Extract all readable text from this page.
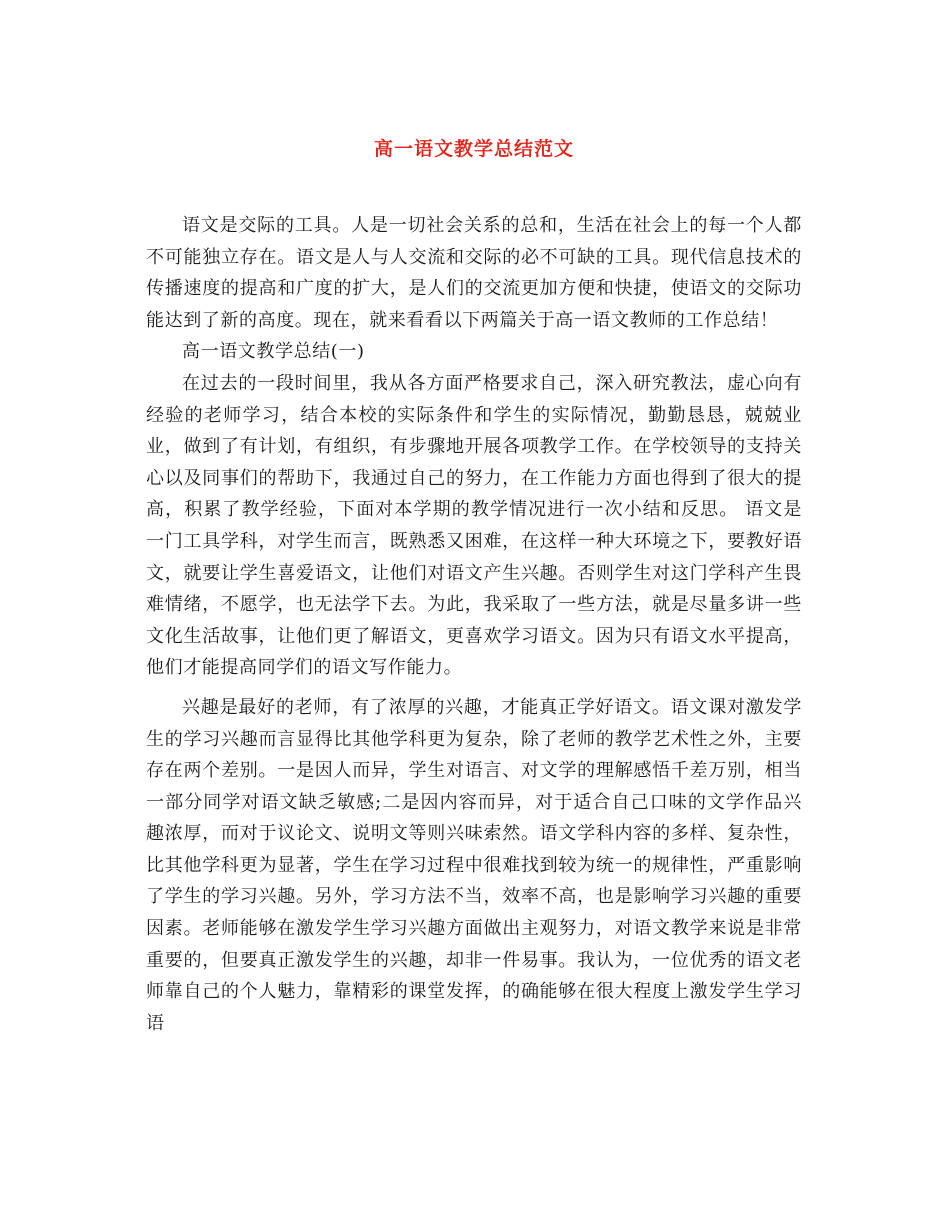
高一语文教学总结范文

语文是交际的工具。人是一切社会关系的总和，生活在社会上的每一个人都不可能独立存在。语文是人与人交流和交际的必不可缺的工具。现代信息技术的传播速度的提高和广度的扩大，是人们的交流更加方便和快捷，使语文的交际功能达到了新的高度。现在，就来看看以下两篇关于高一语文教师的工作总结！

高一语文教学总结(一)

在过去的一段时间里，我从各方面严格要求自己，深入研究教法，虚心向有经验的老师学习，结合本校的实际条件和学生的实际情况，勤勤恳恳，兢兢业业，做到了有计划，有组织，有步骤地开展各项教学工作。在学校领导的支持关心以及同事们的帮助下，我通过自己的努力，在工作能力方面也得到了很大的提高，积累了教学经验，下面对本学期的教学情况进行一次小结和反思。 语文是一门工具学科，对学生而言，既熟悉又困难，在这样一种大环境之下，要教好语文，就要让学生喜爱语文，让他们对语文产生兴趣。否则学生对这门学科产生畏难情绪，不愿学，也无法学下去。为此，我采取了一些方法，就是尽量多讲一些文化生活故事，让他们更了解语文，更喜欢学习语文。因为只有语文水平提高，他们才能提高同学们的语文写作能力。

兴趣是最好的老师，有了浓厚的兴趣，才能真正学好语文。语文课对激发学生的学习兴趣而言显得比其他学科更为复杂，除了老师的教学艺术性之外，主要存在两个差别。一是因人而异，学生对语言、对文学的理解感悟千差万别，相当一部分同学对语文缺乏敏感;二是因内容而异，对于适合自己口味的文学作品兴趣浓厚，而对于议论文、说明文等则兴味索然。语文学科内容的多样、复杂性，比其他学科更为显著，学生在学习过程中很难找到较为统一的规律性，严重影响了学生的学习兴趣。另外，学习方法不当，效率不高，也是影响学习兴趣的重要因素。老师能够在激发学生学习兴趣方面做出主观努力，对语文教学来说是非常重要的，但要真正激发学生的兴趣，却非一件易事。我认为，一位优秀的语文老师靠自己的个人魅力，靠精彩的课堂发挥，的确能够在很大程度上激发学生学习语
